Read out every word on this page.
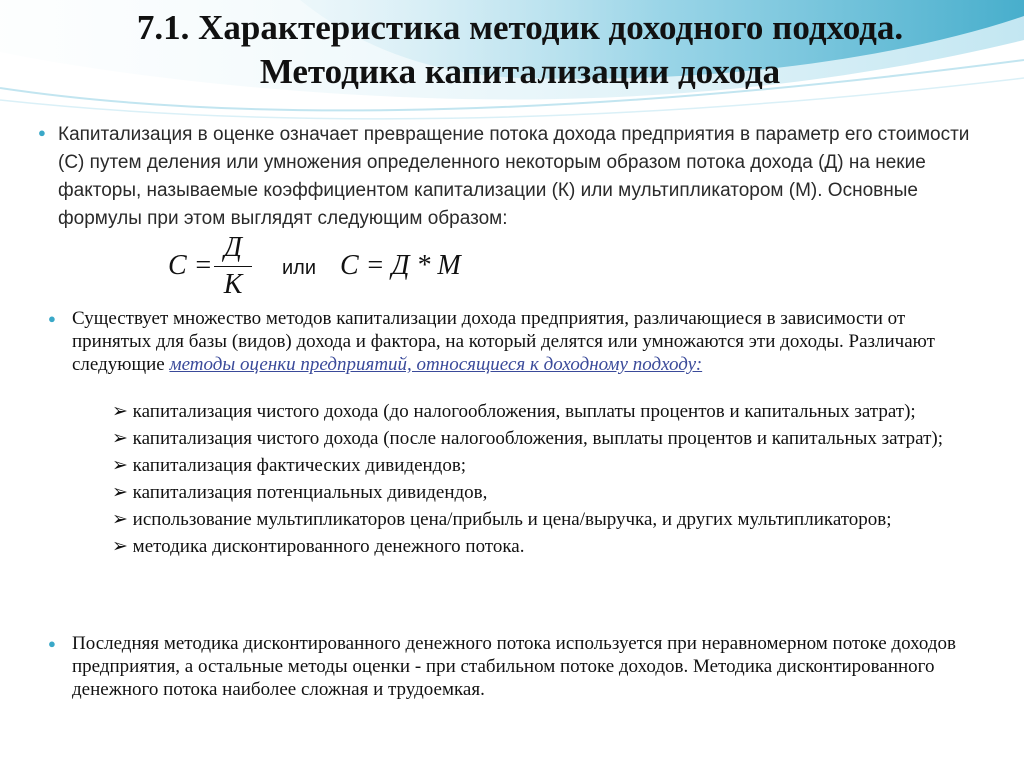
7.1. Характеристика методик доходного подхода.
Методика капитализации дохода
● Капитализация в оценке означает превращение потока дохода предприятия в параметр его стоимости (С) путем деления или умножения определенного некоторым образом потока дохода (Д) на некие факторы, называемые коэффициентом капитализации (К) или мультипликатором (М). Основные формулы при этом выглядят следующим образом:
C =
Д
К
или C = Д * М
● Существует множество методов капитализации дохода предприятия, различающиеся в зависимости от принятых для базы (видов) дохода и фактора, на который делятся или умножаются эти доходы. Различают следующие методы оценки предприятий, относящиеся к доходному подходу:
➢ капитализация чистого дохода (до налогообложения, выплаты процентов и капитальных затрат);
➢ капитализация чистого дохода (после налогообложения, выплаты процентов и капитальных затрат);
➢ капитализация фактических дивидендов;
➢ капитализация потенциальных дивидендов,
➢ использование мультипликаторов цена/прибыль и цена/выручка, и других мультипликаторов;
➢ методика дисконтированного денежного потока.
● Последняя методика дисконтированного денежного потока используется при неравномерном потоке доходов предприятия, а остальные методы оценки - при стабильном потоке доходов. Методика дисконтированного денежного потока наиболее сложная и трудоемкая.
